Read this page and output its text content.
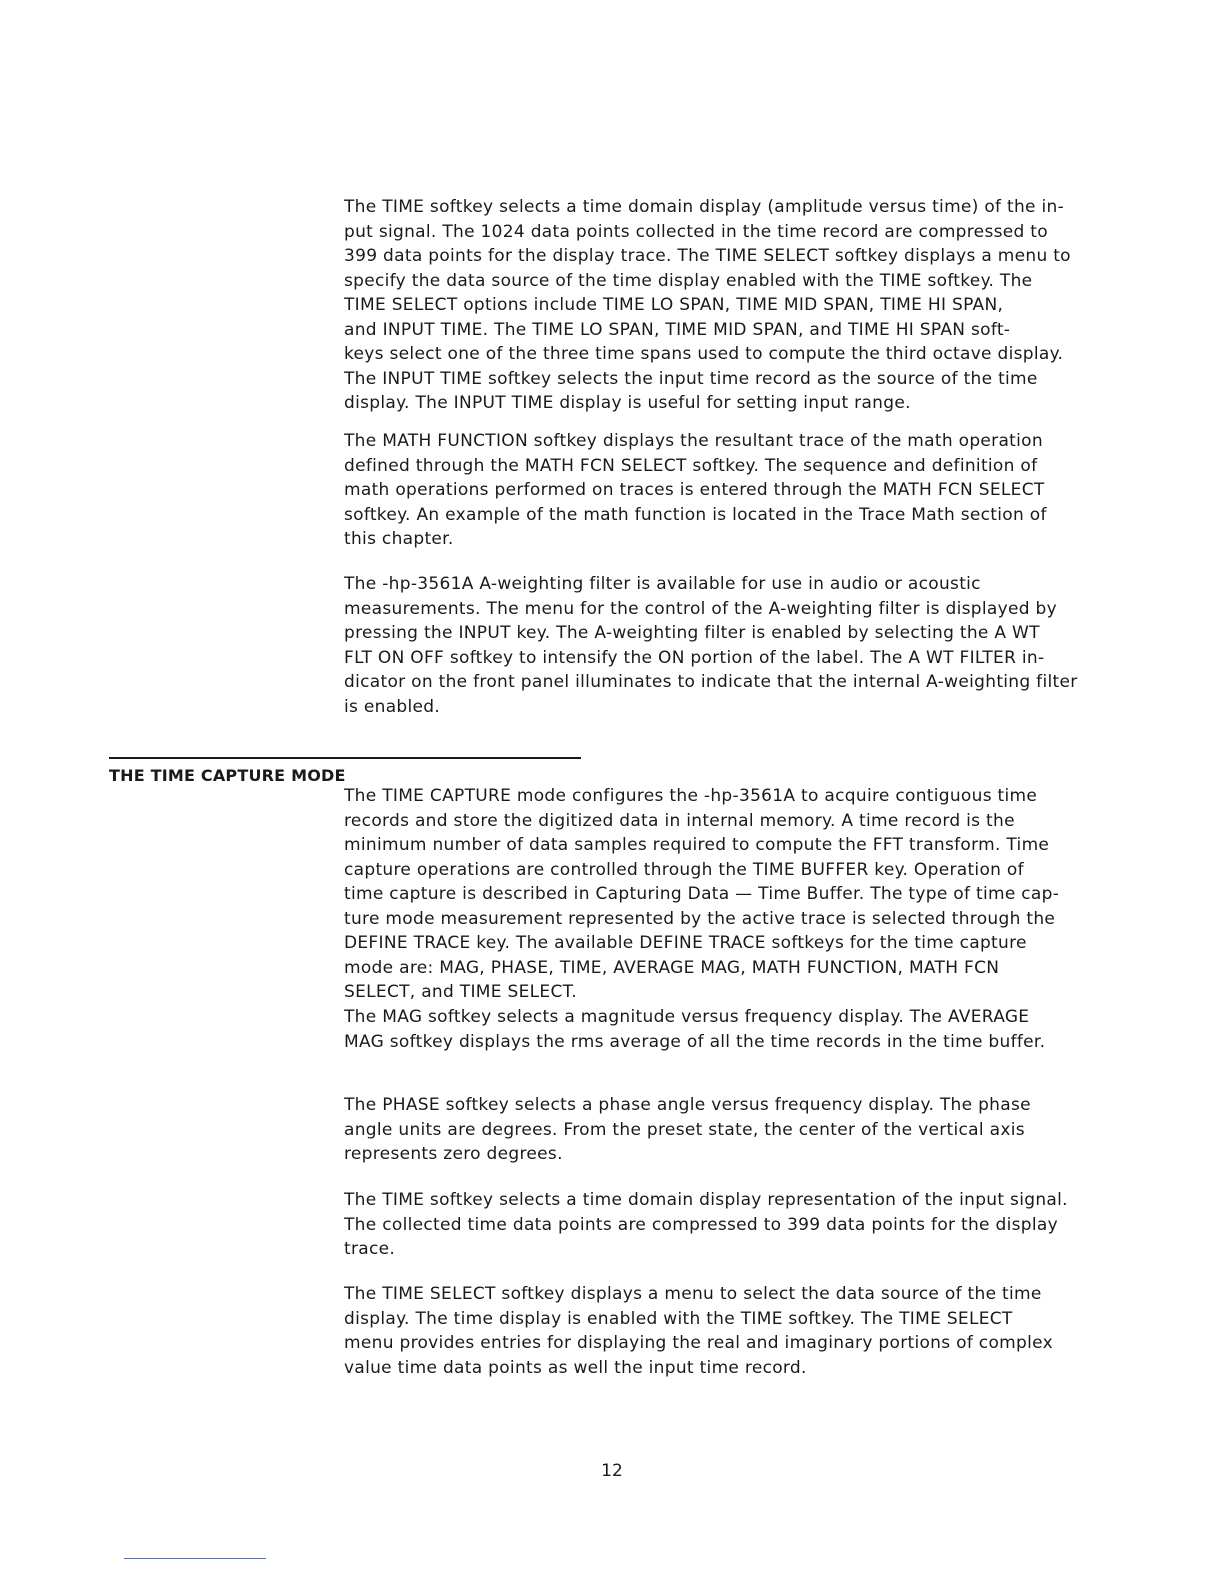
The TIME softkey selects a time domain display (amplitude versus time) of the in-
put signal. The 1024 data points collected in the time record are compressed to
399 data points for the display trace. The TIME SELECT softkey displays a menu to
specify the data source of the time display enabled with the TIME softkey. The
TIME SELECT options include TIME LO SPAN, TIME MID SPAN, TIME HI SPAN,
and INPUT TIME. The TIME LO SPAN, TIME MID SPAN, and TIME HI SPAN soft-
keys select one of the three time spans used to compute the third octave display.
The INPUT TIME softkey selects the input time record as the source of the time
display. The INPUT TIME display is useful for setting input range.

The MATH FUNCTION softkey displays the resultant trace of the math operation
defined through the MATH FCN SELECT softkey. The sequence and definition of
math operations performed on traces is entered through the MATH FCN SELECT
softkey. An example of the math function is located in the Trace Math section of
this chapter.

The -hp-3561A A-weighting filter is available for use in audio or acoustic
measurements. The menu for the control of the A-weighting filter is displayed by
pressing the INPUT key. The A-weighting filter is enabled by selecting the A WT
FLT ON OFF softkey to intensify the ON portion of the label. The A WT FILTER in-
dicator on the front panel illuminates to indicate that the internal A-weighting filter
is enabled.

THE TIME CAPTURE MODE

The TIME CAPTURE mode configures the -hp-3561A to acquire contiguous time
records and store the digitized data in internal memory. A time record is the
minimum number of data samples required to compute the FFT transform. Time
capture operations are controlled through the TIME BUFFER key. Operation of
time capture is described in Capturing Data — Time Buffer. The type of time cap-
ture mode measurement represented by the active trace is selected through the
DEFINE TRACE key. The available DEFINE TRACE softkeys for the time capture
mode are: MAG, PHASE, TIME, AVERAGE MAG, MATH FUNCTION, MATH FCN
SELECT, and TIME SELECT.

The MAG softkey selects a magnitude versus frequency display. The AVERAGE
MAG softkey displays the rms average of all the time records in the time buffer.

The PHASE softkey selects a phase angle versus frequency display. The phase
angle units are degrees. From the preset state, the center of the vertical axis
represents zero degrees.

The TIME softkey selects a time domain display representation of the input signal.
The collected time data points are compressed to 399 data points for the display
trace.

The TIME SELECT softkey displays a menu to select the data source of the time
display. The time display is enabled with the TIME softkey. The TIME SELECT
menu provides entries for displaying the real and imaginary portions of complex
value time data points as well the input time record.

12
